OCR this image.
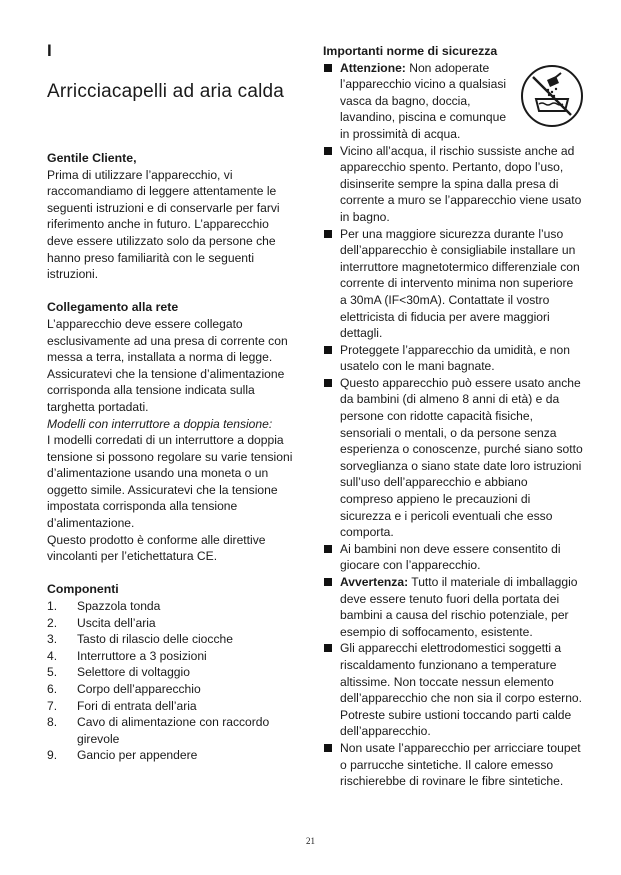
I
Arricciacapelli ad aria calda

Gentile Cliente,

Prima di utilizzare l’apparecchio, vi raccomandiamo di leggere attentamente le seguenti istruzioni e di conservarle per farvi riferimento anche in futuro. L’apparecchio deve essere utilizzato solo da persone che hanno preso familiarità con le seguenti istruzioni.

Collegamento alla rete

L’apparecchio deve essere collegato esclusivamente ad una presa di corrente con messa a terra, installata a norma di legge. Assicuratevi che la tensione d’alimentazione corrisponda alla tensione indicata sulla targhetta portadati.

Modelli con interruttore a doppia tensione:

I modelli corredati di un interruttore a doppia tensione si possono regolare su varie tensioni d’alimentazione usando una moneta o un oggetto simile. Assicuratevi che la tensione impostata corrisponda alla tensione d’alimentazione.

Questo prodotto è conforme alle direttive vincolanti per l’etichettatura CE.

Componenti

1. Spazzola tonda
2. Uscita dell’aria
3. Tasto di rilascio delle ciocche
4. Interruttore a 3 posizioni
5. Selettore di voltaggio
6. Corpo dell’apparecchio
7. Fori di entrata dell’aria
8. Cavo di alimentazione con raccordo girevole
9. Gancio per appendere

Importanti norme di sicurezza

Attenzione: Non adoperate l’apparecchio vicino a qualsiasi vasca da bagno, doccia, lavandino, piscina e comunque in prossimità di acqua.
Vicino all’acqua, il rischio sussiste anche ad apparecchio spento. Pertanto, dopo l’uso, disinserite sempre la spina dalla presa di corrente a muro se l’apparecchio viene usato in bagno.
Per una maggiore sicurezza durante l’uso dell’apparecchio è consigliabile installare un interruttore magnetotermico differenziale con corrente di intervento minima non superiore a 30mA (IF<30mA). Contattate il vostro elettricista di fiducia per avere maggiori dettagli.
Proteggete l’apparecchio da umidità, e non usatelo con le mani bagnate.
Questo apparecchio può essere usato anche da bambini (di almeno 8 anni di età) e da persone con ridotte capacità fisiche, sensoriali o mentali, o da persone senza esperienza o conoscenze, purché siano sotto sorveglianza o siano state date loro istruzioni sull’uso dell’apparecchio e abbiano compreso appieno le precauzioni di sicurezza e i pericoli eventuali che esso comporta.
Ai bambini non deve essere consentito di giocare con l’apparecchio.
Avvertenza: Tutto il materiale di imballaggio deve essere tenuto fuori della portata dei bambini a causa del rischio potenziale, per esempio di soffocamento, esistente.
Gli apparecchi elettrodomestici soggetti a riscaldamento funzionano a temperature altissime. Non toccate nessun elemento dell’apparecchio che non sia il corpo esterno. Potreste subire ustioni toccando parti calde dell’apparecchio.
Non usate l’apparecchio per arricciare toupet o parrucche sintetiche. Il calore emesso rischierebbe di rovinare le fibre sintetiche.
21
